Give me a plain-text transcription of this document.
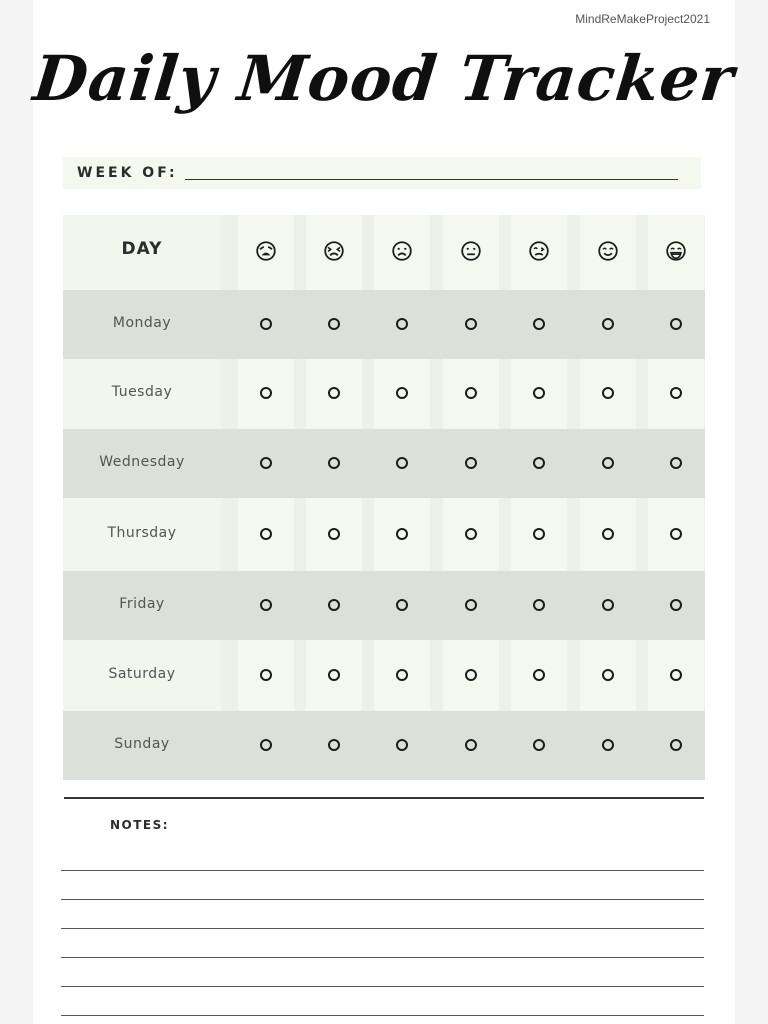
MindReMakeProject2021
Daily Mood Tracker
WEEK OF:
DAY
Monday
Tuesday
Wednesday
Thursday
Friday
Saturday
Sunday
NOTES:
